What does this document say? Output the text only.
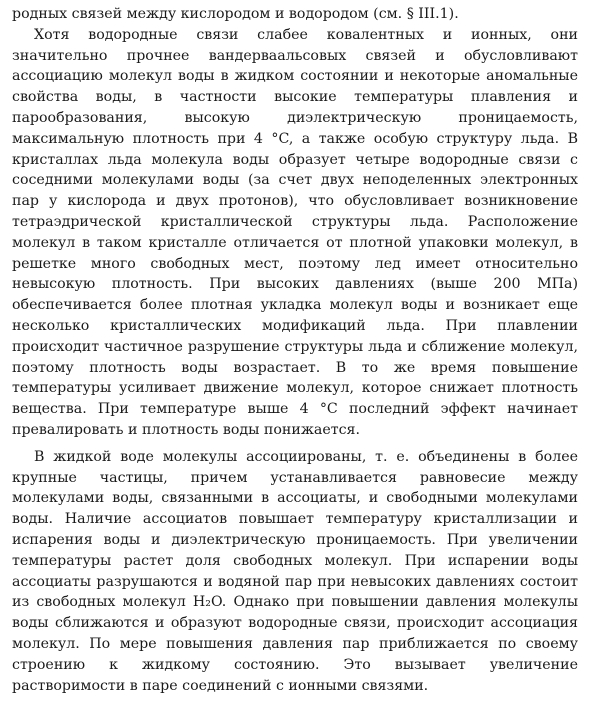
родных связей между кислородом и водородом (см. § III.1).

Хотя водородные связи слабее ковалентных и ионных, они значительно прочнее вандерваальсовых связей и обусловливают ассоциацию молекул воды в жидком состоянии и некоторые аномальные свойства воды, в частности высокие температуры плавления и парообразования, высокую диэлектрическую проницаемость, максимальную плотность при 4 °C, а также особую структуру льда. В кристаллах льда молекула воды образует четыре водородные связи с соседними молекулами воды (за счет двух неподеленных электронных пар у кислорода и двух протонов), что обусловливает возникновение тетраэдрической кристаллической структуры льда. Расположение молекул в таком кристалле отличается от плотной упаковки молекул, в решетке много свободных мест, поэтому лед имеет относительно невысокую плотность. При высоких давлениях (выше 200 МПа) обеспечивается более плотная укладка молекул воды и возникает еще несколько кристаллических модификаций льда. При плавлении происходит частичное разрушение структуры льда и сближение молекул, поэтому плотность воды возрастает. В то же время повышение температуры усиливает движение молекул, которое снижает плотность вещества. При температуре выше 4 °C последний эффект начинает превалировать и плотность воды понижается.

В жидкой воде молекулы ассоциированы, т. е. объединены в более крупные частицы, причем устанавливается равновесие между молекулами воды, связанными в ассоциаты, и свободными молекулами воды. Наличие ассоциатов повышает температуру кристаллизации и испарения воды и диэлектрическую проницаемость. При увеличении температуры растет доля свободных молекул. При испарении воды ассоциаты разрушаются и водяной пар при невысоких давлениях состоит из свободных молекул H₂O. Однако при повышении давления молекулы воды сближаются и образуют водородные связи, происходит ассоциация молекул. По мере повышения давления пар приближается по своему строению к жидкому состоянию. Это вызывает увеличение растворимости в паре соединений с ионными связями.
